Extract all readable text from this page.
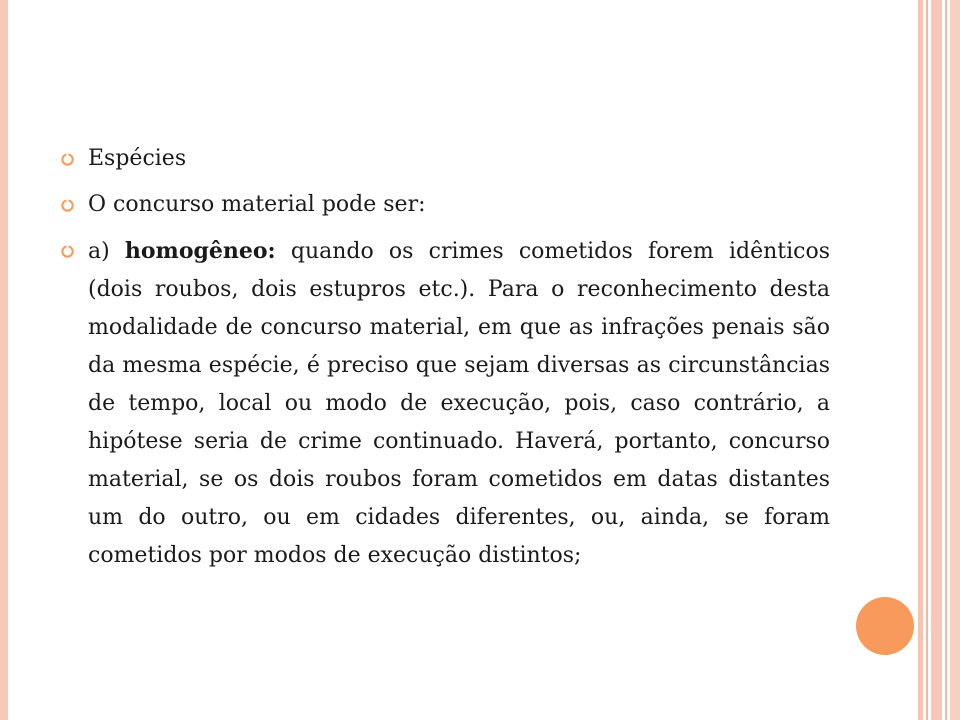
Espécies
O concurso material pode ser:
a) homogêneo: quando os crimes cometidos forem idênticos (dois roubos, dois estupros etc.). Para o reconhecimento desta modalidade de concurso material, em que as infrações penais são da mesma espécie, é preciso que sejam diversas as circunstâncias de tempo, local ou modo de execução, pois, caso contrário, a hipótese seria de crime continuado. Haverá, portanto, concurso material, se os dois roubos foram cometidos em datas distantes um do outro, ou em cidades diferentes, ou, ainda, se foram cometidos por modos de execução distintos;
